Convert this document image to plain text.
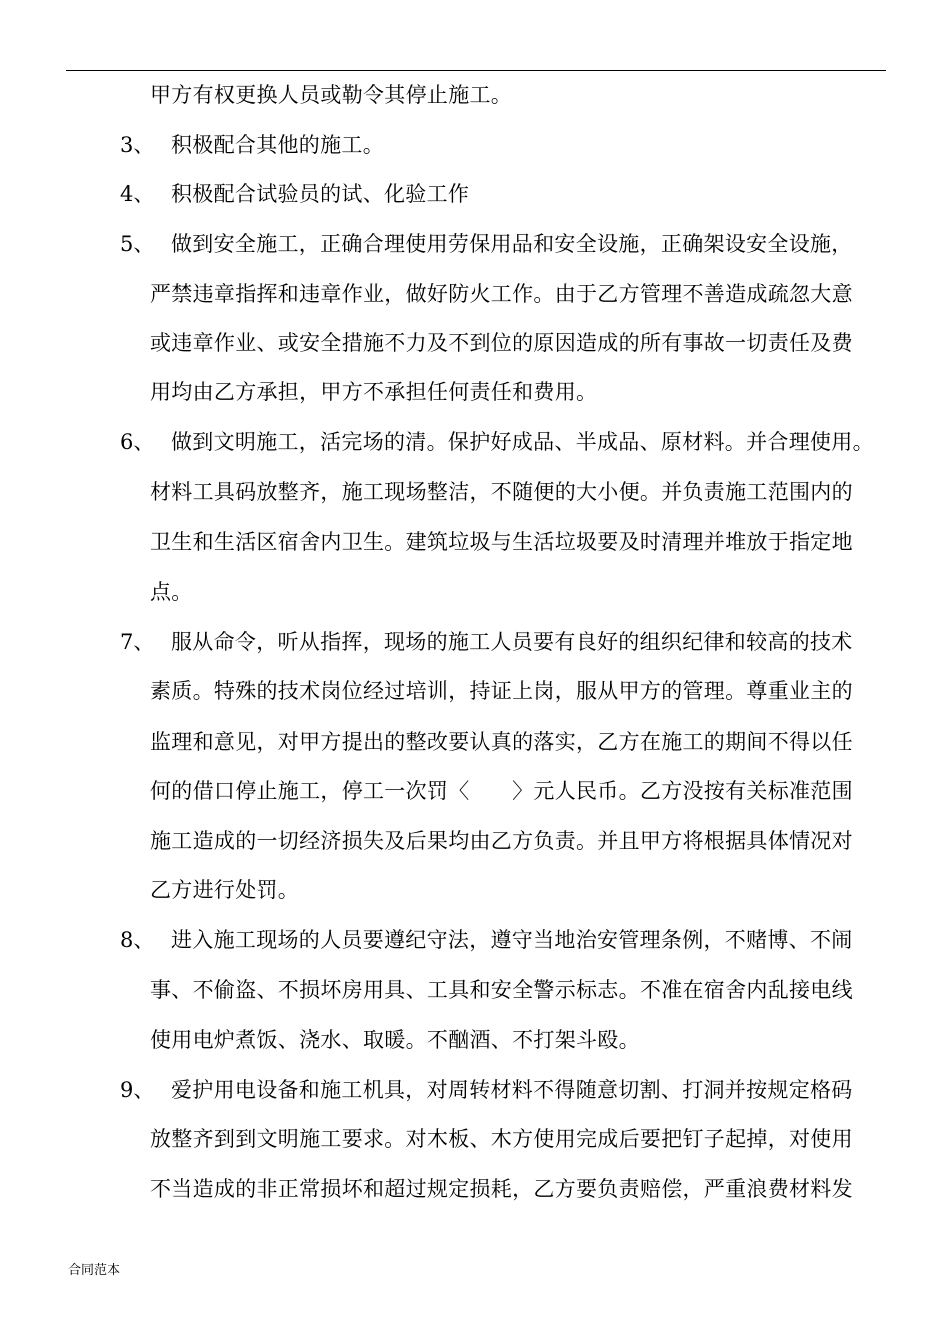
甲方有权更换人员或勒令其停止施工。
3、 积极配合其他的施工。
4、 积极配合试验员的试、化验工作
5、 做到安全施工，正确合理使用劳保用品和安全设施，正确架设安全设施，
严禁违章指挥和违章作业，做好防火工作。由于乙方管理不善造成疏忽大意
或违章作业、或安全措施不力及不到位的原因造成的所有事故一切责任及费
用均由乙方承担，甲方不承担任何责任和费用。
6、 做到文明施工，活完场的清。保护好成品、半成品、原材料。并合理使用。
材料工具码放整齐，施工现场整洁，不随便的大小便。并负责施工范围内的
卫生和生活区宿舍内卫生。建筑垃圾与生活垃圾要及时清理并堆放于指定地
点。
7、 服从命令，听从指挥，现场的施工人员要有良好的组织纪律和较高的技术
素质。特殊的技术岗位经过培训，持证上岗，服从甲方的管理。尊重业主的
监理和意见，对甲方提出的整改要认真的落实，乙方在施工的期间不得以任
何的借口停止施工，停工一次罚〈　　〉元人民币。乙方没按有关标准范围
施工造成的一切经济损失及后果均由乙方负责。并且甲方将根据具体情况对
乙方进行处罚。
8、 进入施工现场的人员要遵纪守法，遵守当地治安管理条例，不赌博、不闹
事、不偷盗、不损坏房用具、工具和安全警示标志。不准在宿舍内乱接电线
使用电炉煮饭、浇水、取暖。不酗酒、不打架斗殴。
9、 爱护用电设备和施工机具，对周转材料不得随意切割、打洞并按规定格码
放整齐到到文明施工要求。对木板、木方使用完成后要把钉子起掉，对使用
不当造成的非正常损坏和超过规定损耗，乙方要负责赔偿，严重浪费材料发
合同范本
